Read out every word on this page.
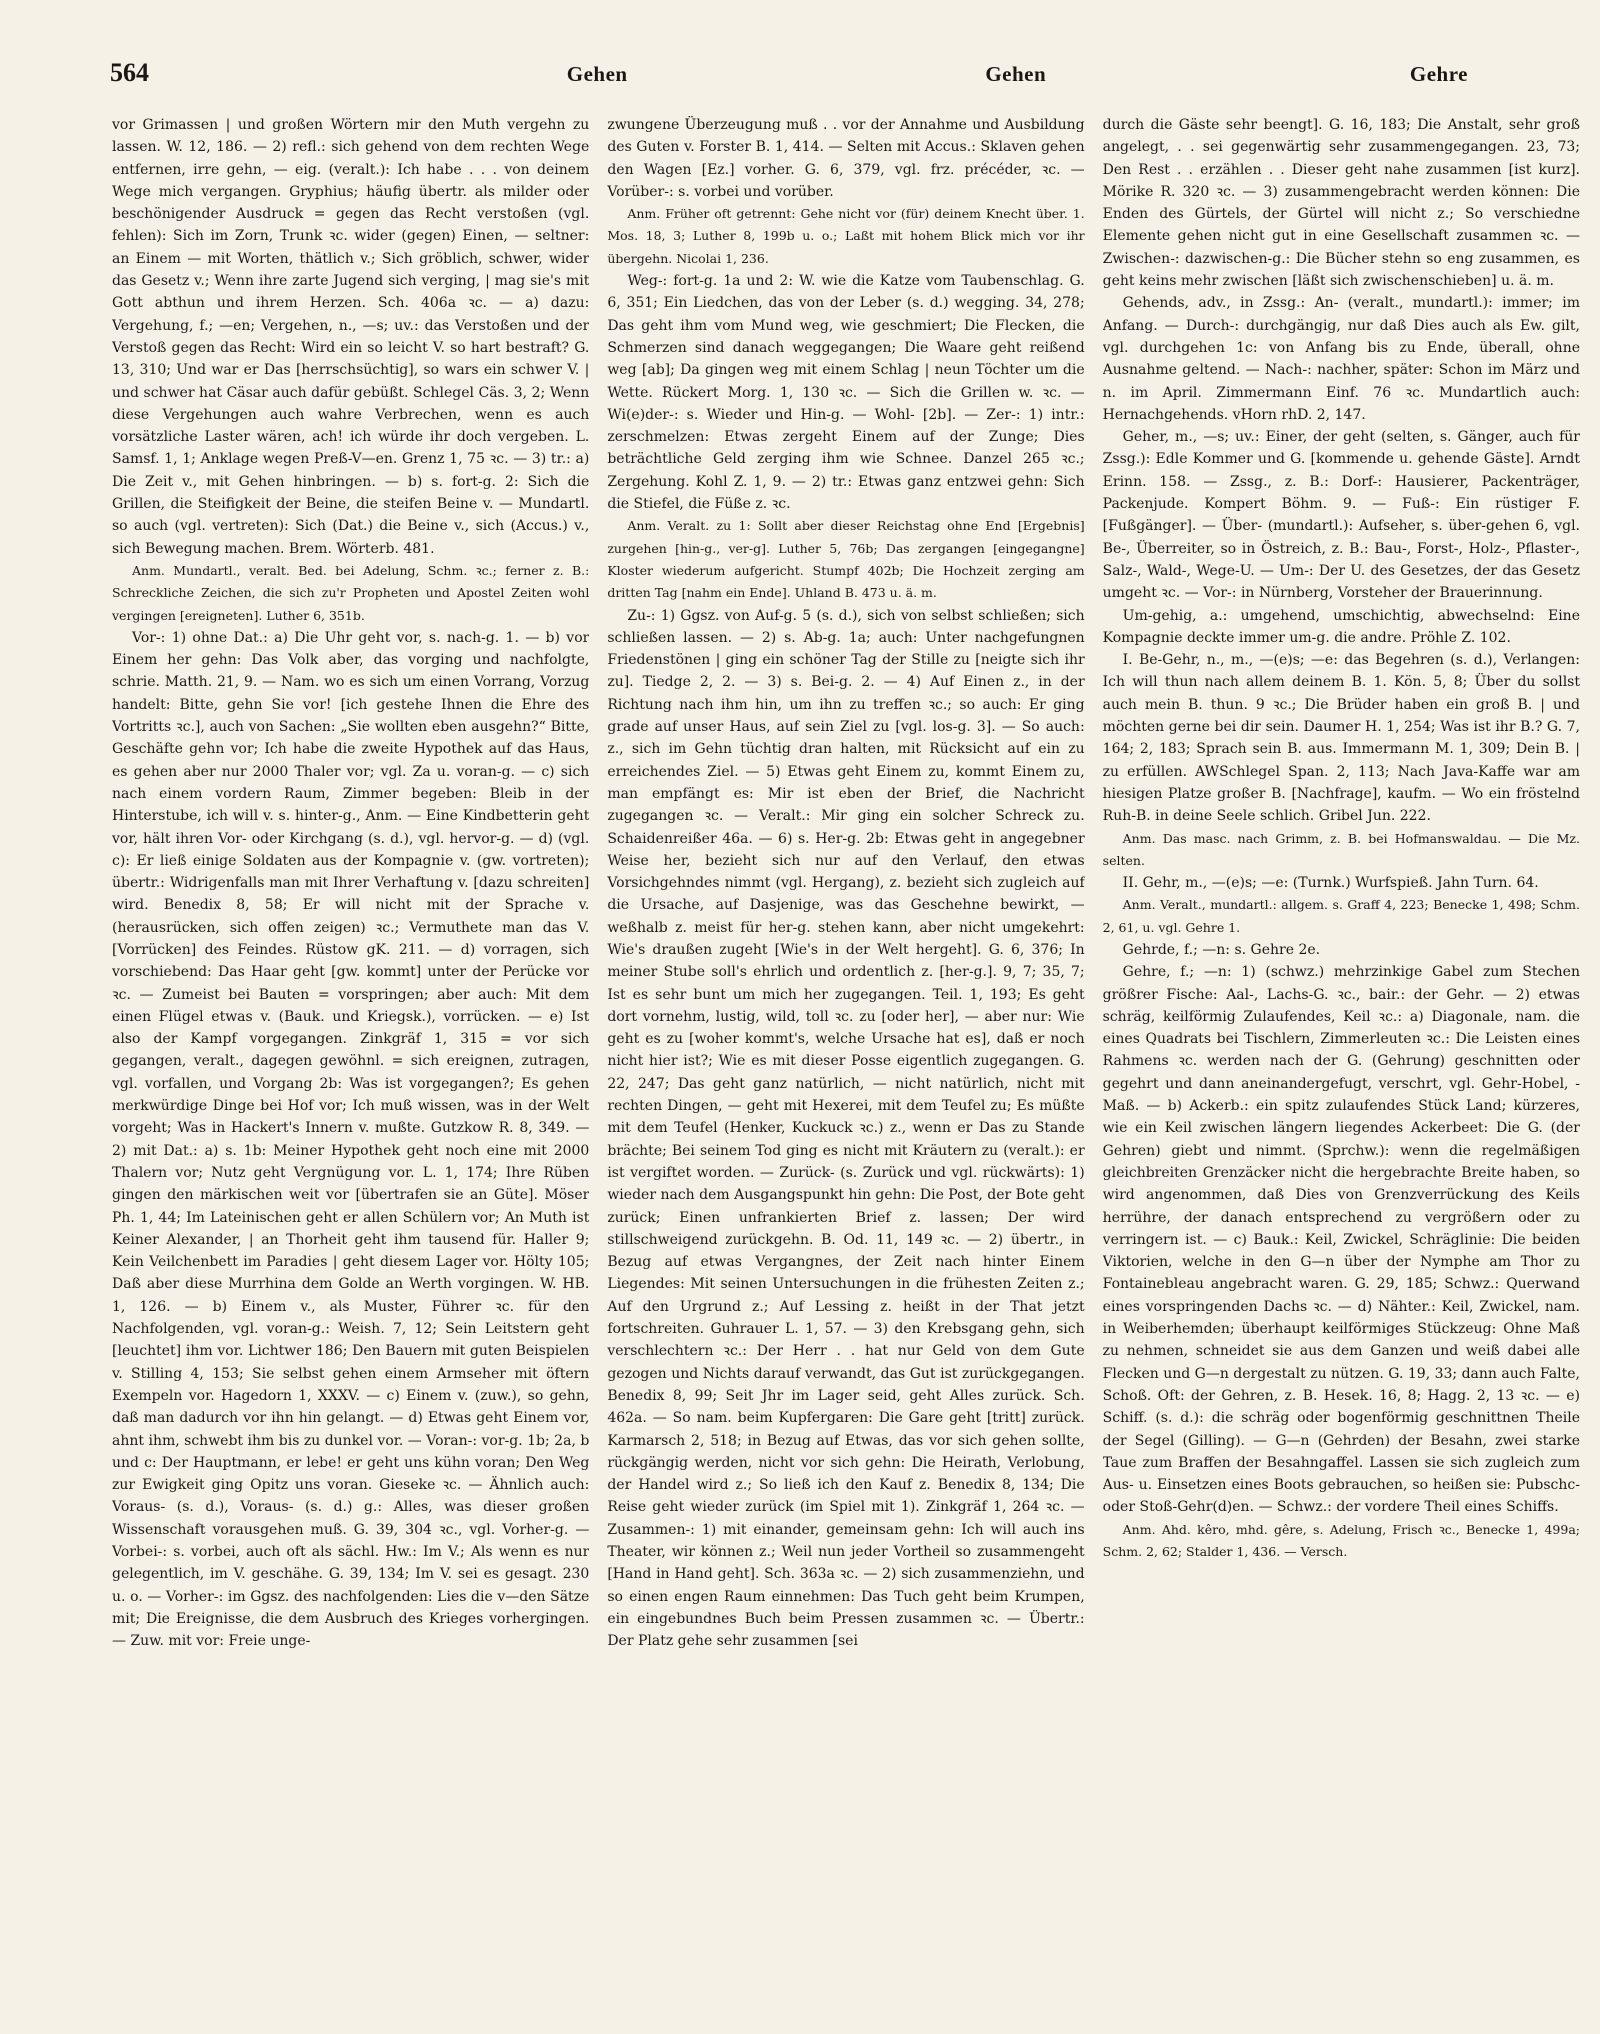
564	Gehen	Gehen	Gehre

vor Grimassen | und großen Wörtern mir den Muth vergehn zu lassen. W. 12, 186. — 2) refl.: sich gehend von dem rechten Wege entfernen, irre gehn, — eig. (veralt.): Ich habe . . . von deinem Wege mich vergangen. Gryphius; häufig übertr. als milder oder beschönigender Ausdruck = gegen das Recht verstoßen (vgl. fehlen): Sich im Zorn, Trunk ꝛc. wider (gegen) Einen, — seltner: an Einem — mit Worten, thätlich v.; Sich gröblich, schwer, wider das Gesetz v.; Wenn ihre zarte Jugend sich verging, | mag sie's mit Gott abthun und ihrem Herzen. Sch. 406a ꝛc. — a) dazu: Vergehung, f.; —en; Vergehen, n., —s; uv.: das Verstoßen und der Verstoß gegen das Recht: Wird ein so leicht V. so hart bestraft? G. 13, 310; Und war er Das [herrschsüchtig], so wars ein schwer V. | und schwer hat Cäsar auch dafür gebüßt. Schlegel Cäs. 3, 2; Wenn diese Vergehungen auch wahre Verbrechen, wenn es auch vorsätzliche Laster wären, ach! ich würde ihr doch vergeben. L. Samsf. 1, 1; Anklage wegen Preß-V—en. Grenz 1, 75 ꝛc. — 3) tr.: a) Die Zeit v., mit Gehen hinbringen. — b) s. fort-g. 2: Sich die Grillen, die Steifigkeit der Beine, die steifen Beine v. — Mundartl. so auch (vgl. vertreten): Sich (Dat.) die Beine v., sich (Accus.) v., sich Bewegung machen. Brem. Wörterb. 481.

Anm. Mundartl., veralt. Bed. bei Adelung, Schm. ꝛc.; ferner z. B.: Schreckliche Zeichen, die sich zu'r Propheten und Apostel Zeiten wohl vergingen [ereigneten]. Luther 6, 351b.

Vor-: 1) ohne Dat.: a) Die Uhr geht vor, s. nach-g. 1. — b) vor Einem her gehn: Das Volk aber, das vorging und nachfolgte, schrie. Matth. 21, 9. — Nam. wo es sich um einen Vorrang, Vorzug handelt: Bitte, gehn Sie vor! [ich gestehe Ihnen die Ehre des Vortritts ꝛc.], auch von Sachen: „Sie wollten eben ausgehn?“ Bitte, Geschäfte gehn vor; Ich habe die zweite Hypothek auf das Haus, es gehen aber nur 2000 Thaler vor; vgl. Za u. voran-g. — c) sich nach einem vordern Raum, Zimmer begeben: Bleib in der Hinterstube, ich will v. s. hinter-g., Anm. — Eine Kindbetterin geht vor, hält ihren Vor- oder Kirchgang (s. d.), vgl. hervor-g. — d) (vgl. c): Er ließ einige Soldaten aus der Kompagnie v. (gw. vortreten); übertr.: Widrigenfalls man mit Ihrer Verhaftung v. [dazu schreiten] wird. Benedix 8, 58; Er will nicht mit der Sprache v. (herausrücken, sich offen zeigen) ꝛc.; Vermuthete man das V. [Vorrücken] des Feindes. Rüstow gK. 211. — d) vorragen, sich vorschiebend: Das Haar geht [gw. kommt] unter der Perücke vor ꝛc. — Zumeist bei Bauten = vorspringen; aber auch: Mit dem einen Flügel etwas v. (Bauk. und Kriegsk.), vorrücken. — e) Ist also der Kampf vorgegangen. Zinkgräf 1, 315 = vor sich gegangen, veralt., dagegen gewöhnl. = sich ereignen, zutragen, vgl. vorfallen, und Vorgang 2b: Was ist vorgegangen?; Es gehen merkwürdige Dinge bei Hof vor; Ich muß wissen, was in der Welt vorgeht; Was in Hackert's Innern v. mußte. Gutzkow R. 8, 349. — 2) mit Dat.: a) s. 1b: Meiner Hypothek geht noch eine mit 2000 Thalern vor; Nutz geht Vergnügung vor. L. 1, 174; Ihre Rüben gingen den märkischen weit vor [übertrafen sie an Güte]. Möser Ph. 1, 44; Im Lateinischen geht er allen Schülern vor; An Muth ist Keiner Alexander, | an Thorheit geht ihm tausend für. Haller 9; Kein Veilchenbett im Paradies | geht diesem Lager vor. Hölty 105; Daß aber diese Murrhina dem Golde an Werth vorgingen. W. HB. 1, 126. — b) Einem v., als Muster, Führer ꝛc. für den Nachfolgenden, vgl. voran-g.: Weish. 7, 12; Sein Leitstern geht [leuchtet] ihm vor. Lichtwer 186; Den Bauern mit guten Beispielen v. Stilling 4, 153; Sie selbst gehen einem Armseher mit öftern Exempeln vor. Hagedorn 1, XXXV. — c) Einem v. (zuw.), so gehn, daß man dadurch vor ihn hin gelangt. — d) Etwas geht Einem vor, ahnt ihm, schwebt ihm bis zu dunkel vor. — Voran-: vor-g. 1b; 2a, b und c: Der Hauptmann, er lebe! er geht uns kühn voran; Den Weg zur Ewigkeit ging Opitz uns voran. Gieseke ꝛc. — Ähnlich auch: Voraus- (s. d.), Voraus- (s. d.) g.: Alles, was dieser großen Wissenschaft vorausgehen muß. G. 39, 304 ꝛc., vgl. Vorher-g. — Vorbei-: s. vorbei, auch oft als sächl. Hw.: Im V.; Als wenn es nur gelegentlich, im V. geschähe. G. 39, 134; Im V. sei es gesagt. 230 u. o. — Vorher-: im Ggsz. des nachfolgenden: Lies die v—den Sätze mit; Die Ereignisse, die dem Ausbruch des Krieges vorhergingen. — Zuw. mit vor: Freie unge-

zwungene Überzeugung muß . . vor der Annahme und Ausbildung des Guten v. Forster B. 1, 414. — Selten mit Accus.: Sklaven gehen den Wagen [Ez.] vorher. G. 6, 379, vgl. frz. précéder, ꝛc. — Vorüber-: s. vorbei und vorüber.

Anm. Früher oft getrennt: Gehe nicht vor (für) deinem Knecht über. 1. Mos. 18, 3; Luther 8, 199b u. o.; Laßt mit hohem Blick mich vor ihr übergehn. Nicolai 1, 236.

Weg-: fort-g. 1a und 2: W. wie die Katze vom Taubenschlag. G. 6, 351; Ein Liedchen, das von der Leber (s. d.) wegging. 34, 278; Das geht ihm vom Mund weg, wie geschmiert; Die Flecken, die Schmerzen sind danach weggegangen; Die Waare geht reißend weg [ab]; Da gingen weg mit einem Schlag | neun Töchter um die Wette. Rückert Morg. 1, 130 ꝛc. — Sich die Grillen w. ꝛc. — Wi(e)der-: s. Wieder und Hin-g. — Wohl- [2b]. — Zer-: 1) intr.: zerschmelzen: Etwas zergeht Einem auf der Zunge; Dies beträchtliche Geld zerging ihm wie Schnee. Danzel 265 ꝛc.; Zergehung. Kohl Z. 1, 9. — 2) tr.: Etwas ganz entzwei gehn: Sich die Stiefel, die Füße z. ꝛc.

Anm. Veralt. zu 1: Sollt aber dieser Reichstag ohne End [Ergebnis] zurgehen [hin-g., ver-g]. Luther 5, 76b; Das zergangen [eingegangne] Kloster wiederum aufgericht. Stumpf 402b; Die Hochzeit zerging am dritten Tag [nahm ein Ende]. Uhland B. 473 u. ä. m.

Zu-: 1) Ggsz. von Auf-g. 5 (s. d.), sich von selbst schließen; sich schließen lassen. — 2) s. Ab-g. 1a; auch: Unter nachgefungnen Friedenstönen | ging ein schöner Tag der Stille zu [neigte sich ihr zu]. Tiedge 2, 2. — 3) s. Bei-g. 2. — 4) Auf Einen z., in der Richtung nach ihm hin, um ihn zu treffen ꝛc.; so auch: Er ging grade auf unser Haus, auf sein Ziel zu [vgl. los-g. 3]. — So auch: z., sich im Gehn tüchtig dran halten, mit Rücksicht auf ein zu erreichendes Ziel. — 5) Etwas geht Einem zu, kommt Einem zu, man empfängt es: Mir ist eben der Brief, die Nachricht zugegangen ꝛc. — Veralt.: Mir ging ein solcher Schreck zu. Schaidenreißer 46a. — 6) s. Her-g. 2b: Etwas geht in angegebner Weise her, bezieht sich nur auf den Verlauf, den etwas Vorsichgehndes nimmt (vgl. Hergang), z. bezieht sich zugleich auf die Ursache, auf Dasjenige, was das Geschehne bewirkt, — weßhalb z. meist für her-g. stehen kann, aber nicht umgekehrt: Wie's draußen zugeht [Wie's in der Welt hergeht]. G. 6, 376; In meiner Stube soll's ehrlich und ordentlich z. [her-g.]. 9, 7; 35, 7; Ist es sehr bunt um mich her zugegangen. Teil. 1, 193; Es geht dort vornehm, lustig, wild, toll ꝛc. zu [oder her], — aber nur: Wie geht es zu [woher kommt's, welche Ursache hat es], daß er noch nicht hier ist?; Wie es mit dieser Posse eigentlich zugegangen. G. 22, 247; Das geht ganz natürlich, — nicht natürlich, nicht mit rechten Dingen, — geht mit Hexerei, mit dem Teufel zu; Es müßte mit dem Teufel (Henker, Kuckuck ꝛc.) z., wenn er Das zu Stande brächte; Bei seinem Tod ging es nicht mit Kräutern zu (veralt.): er ist vergiftet worden. — Zurück- (s. Zurück und vgl. rückwärts): 1) wieder nach dem Ausgangspunkt hin gehn: Die Post, der Bote geht zurück; Einen unfrankierten Brief z. lassen; Der wird stillschweigend zurückgehn. B. Od. 11, 149 ꝛc. — 2) übertr., in Bezug auf etwas Vergangnes, der Zeit nach hinter Einem Liegendes: Mit seinen Untersuchungen in die frühesten Zeiten z.; Auf den Urgrund z.; Auf Lessing z. heißt in der That jetzt fortschreiten. Guhrauer L. 1, 57. — 3) den Krebsgang gehn, sich verschlechtern ꝛc.: Der Herr . . hat nur Geld von dem Gute gezogen und Nichts darauf verwandt, das Gut ist zurückgegangen. Benedix 8, 99; Seit Jhr im Lager seid, geht Alles zurück. Sch. 462a. — So nam. beim Kupfergaren: Die Gare geht [tritt] zurück. Karmarsch 2, 518; in Bezug auf Etwas, das vor sich gehen sollte, rückgängig werden, nicht vor sich gehn: Die Heirath, Verlobung, der Handel wird z.; So ließ ich den Kauf z. Benedix 8, 134; Die Reise geht wieder zurück (im Spiel mit 1). Zinkgräf 1, 264 ꝛc. — Zusammen-: 1) mit einander, gemeinsam gehn: Ich will auch ins Theater, wir können z.; Weil nun jeder Vortheil so zusammengeht [Hand in Hand geht]. Sch. 363a ꝛc. — 2) sich zusammenziehn, und so einen engen Raum einnehmen: Das Tuch geht beim Krumpen, ein eingebundnes Buch beim Pressen zusammen ꝛc. — Übertr.: Der Platz gehe sehr zusammen [sei

durch die Gäste sehr beengt]. G. 16, 183; Die Anstalt, sehr groß angelegt, . . sei gegenwärtig sehr zusammengegangen. 23, 73; Den Rest . . erzählen . . Dieser geht nahe zusammen [ist kurz]. Mörike R. 320 ꝛc. — 3) zusammengebracht werden können: Die Enden des Gürtels, der Gürtel will nicht z.; So verschiedne Elemente gehen nicht gut in eine Gesellschaft zusammen ꝛc. — Zwischen-: dazwischen-g.: Die Bücher stehn so eng zusammen, es geht keins mehr zwischen [läßt sich zwischenschieben] u. ä. m.

Gehends, adv., in Zssg.: An- (veralt., mundartl.): immer; im Anfang. — Durch-: durchgängig, nur daß Dies auch als Ew. gilt, vgl. durchgehen 1c: von Anfang bis zu Ende, überall, ohne Ausnahme geltend. — Nach-: nachher, später: Schon im März und n. im April. Zimmermann Einf. 76 ꝛc. Mundartlich auch: Hernachgehends. vHorn rhD. 2, 147.

Geher, m., —s; uv.: Einer, der geht (selten, s. Gänger, auch für Zssg.): Edle Kommer und G. [kommende u. gehende Gäste]. Arndt Erinn. 158. — Zssg., z. B.: Dorf-: Hausierer, Packenträger, Packenjude. Kompert Böhm. 9. — Fuß-: Ein rüstiger F. [Fußgänger]. — Über- (mundartl.): Aufseher, s. über-gehen 6, vgl. Be-, Überreiter, so in Östreich, z. B.: Bau-, Forst-, Holz-, Pflaster-, Salz-, Wald-, Wege-U. — Um-: Der U. des Gesetzes, der das Gesetz umgeht ꝛc. — Vor-: in Nürnberg, Vorsteher der Brauerinnung.

Um-gehig, a.: umgehend, umschichtig, abwechselnd: Eine Kompagnie deckte immer um-g. die andre. Pröhle Z. 102.

I. Be-Gehr, n., m., —(e)s; —e: das Begehren (s. d.), Verlangen: Ich will thun nach allem deinem B. 1. Kön. 5, 8; Über du sollst auch mein B. thun. 9 ꝛc.; Die Brüder haben ein groß B. | und möchten gerne bei dir sein. Daumer H. 1, 254; Was ist ihr B.? G. 7, 164; 2, 183; Sprach sein B. aus. Immermann M. 1, 309; Dein B. | zu erfüllen. AWSchlegel Span. 2, 113; Nach Java-Kaffe war am hiesigen Platze großer B. [Nachfrage], kaufm. — Wo ein fröstelnd Ruh-B. in deine Seele schlich. Gribel Jun. 222.

Anm. Das masc. nach Grimm, z. B. bei Hofmanswaldau. — Die Mz. selten.

II. Gehr, m., —(e)s; —e: (Turnk.) Wurfspieß. Jahn Turn. 64.

Anm. Veralt., mundartl.: allgem. s. Graff 4, 223; Benecke 1, 498; Schm. 2, 61, u. vgl. Gehre 1.

Gehrde, f.; —n: s. Gehre 2e.

Gehre, f.; —n: 1) (schwz.) mehrzinkige Gabel zum Stechen größrer Fische: Aal-, Lachs-G. ꝛc., bair.: der Gehr. — 2) etwas schräg, keilförmig Zulaufendes, Keil ꝛc.: a) Diagonale, nam. die eines Quadrats bei Tischlern, Zimmerleuten ꝛc.: Die Leisten eines Rahmens ꝛc. werden nach der G. (Gehrung) geschnitten oder gegehrt und dann aneinandergefugt, verschrt, vgl. Gehr-Hobel, -Maß. — b) Ackerb.: ein spitz zulaufendes Stück Land; kürzeres, wie ein Keil zwischen längern liegendes Ackerbeet: Die G. (der Gehren) giebt und nimmt. (Sprchw.): wenn die regelmäßigen gleichbreiten Grenzäcker nicht die hergebrachte Breite haben, so wird angenommen, daß Dies von Grenzverrückung des Keils herrühre, der danach entsprechend zu vergrößern oder zu verringern ist. — c) Bauk.: Keil, Zwickel, Schräglinie: Die beiden Viktorien, welche in den G—n über der Nymphe am Thor zu Fontainebleau angebracht waren. G. 29, 185; Schwz.: Querwand eines vorspringenden Dachs ꝛc. — d) Nähter.: Keil, Zwickel, nam. in Weiberhemden; überhaupt keilförmiges Stückzeug: Ohne Maß zu nehmen, schneidet sie aus dem Ganzen und weiß dabei alle Flecken und G—n dergestalt zu nützen. G. 19, 33; dann auch Falte, Schoß. Oft: der Gehren, z. B. Hesek. 16, 8; Hagg. 2, 13 ꝛc. — e) Schiff. (s. d.): die schräg oder bogenförmig geschnittnen Theile der Segel (Gilling). — G—n (Gehrden) der Besahn, zwei starke Taue zum Braffen der Besahngaffel. Lassen sie sich zugleich zum Aus- u. Einsetzen eines Boots gebrauchen, so heißen sie: Pubschc- oder Stoß-Gehr(d)en. — Schwz.: der vordere Theil eines Schiffs.

Anm. Ahd. kêro, mhd. gêre, s. Adelung, Frisch ꝛc., Benecke 1, 499a; Schm. 2, 62; Stalder 1, 436. — Versch.
